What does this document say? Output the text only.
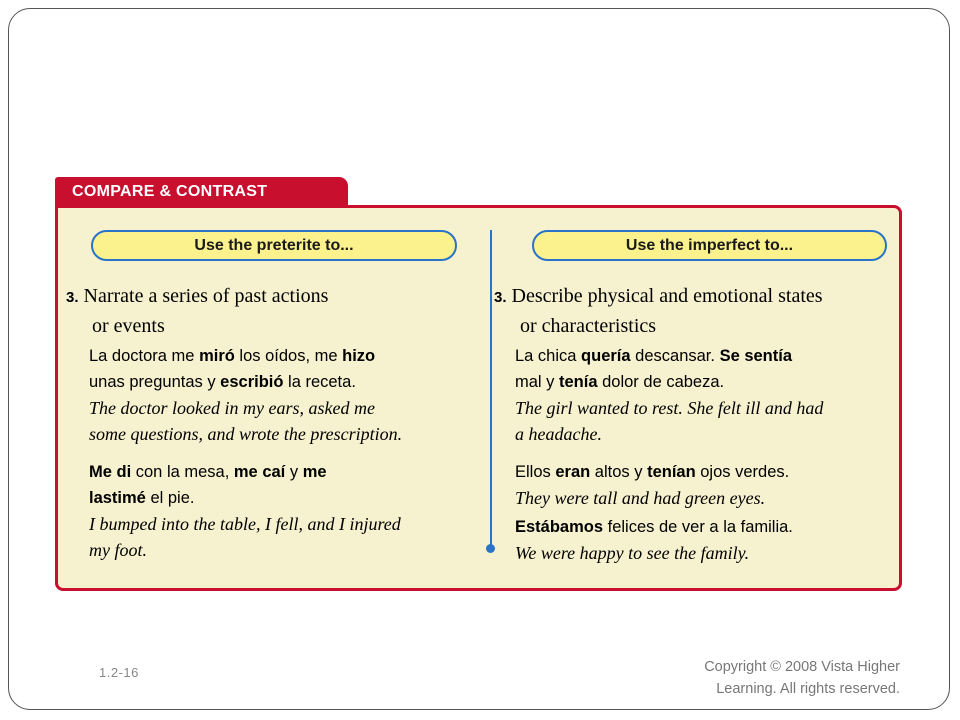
COMPARE & CONTRAST
Use the preterite to...	Use the imperfect to...
3. Narrate a series of past actions
or events
La doctora me miró los oídos, me hizo
unas preguntas y escribió la receta.
The doctor looked in my ears, asked me
some questions, and wrote the prescription.
Me di con la mesa, me caí y me
lastimé el pie.
I bumped into the table, I fell, and I injured
my foot.
3. Describe physical and emotional states
or characteristics
La chica quería descansar. Se sentía
mal y tenía dolor de cabeza.
The girl wanted to rest. She felt ill and had
a headache.
Ellos eran altos y tenían ojos verdes.
They were tall and had green eyes.
Estábamos felices de ver a la familia.
We were happy to see the family.
1.2-16	Copyright © 2008 Vista Higher
Learning. All rights reserved.
